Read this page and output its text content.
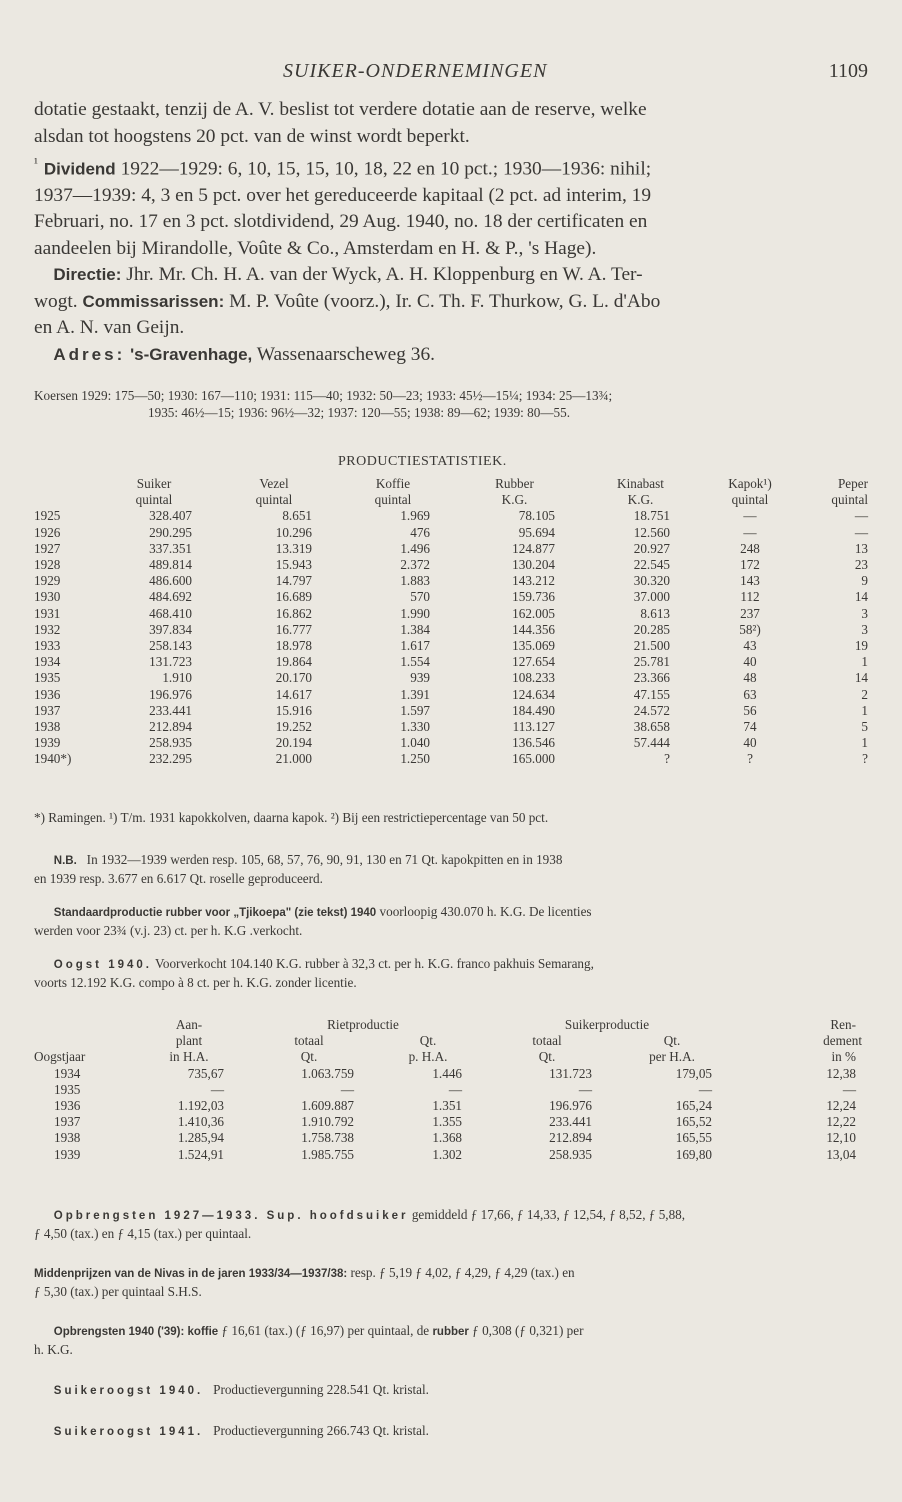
SUIKER-ONDERNEMINGEN	1109

dotatie gestaakt, tenzij de A. V. beslist tot verdere dotatie aan de reserve, welke

alsdan tot hoogstens 20 pct. van de winst wordt beperkt.

$^{^1}$ Dividend 1922—1929: 6, 10, 15, 15, 10, 18, 22 en 10 pct.; 1930—1936: nihil;

1937—1939: 4, 3 en 5 pct. over het gereduceerde kapitaal (2 pct. ad interim, 19

Februari, no. 17 en 3 pct. slotdividend, 29 Aug. 1940, no. 18 der certificaten en

aandeelen bij Mirandolle, Voûte & Co., Amsterdam en H. & P., 's Hage).

Directie: Jhr. Mr. Ch. H. A. van der Wyck, A. H. Kloppenburg en W. A. Ter-

wogt. Commissarissen: M. P. Voûte (voorz.), Ir. C. Th. F. Thurkow, G. L. d'Abo

en A. N. van Geijn.

Adres: 's-Gravenhage, Wassenaarscheweg 36.

Koersen 1929: 175—50; 1930: 167—110; 1931: 115—40; 1932: 50—23; 1933: 45½—15¼; 1934: 25—13¾;
1935: 46½—15; 1936: 96½—32; 1937: 120—55; 1938: 89—62; 1939: 80—55.
PRODUCTIESTATISTIEK.
	Suiker	Vezel	Koffie	Rubber	Kinabast	Kapok¹)	Peper
	quintal	quintal	quintal	K.G.	K.G.	quintal	quintal
1925	328.407	8.651	1.969	78.105	18.751	—	—
1926	290.295	10.296	476	95.694	12.560	—	—
1927	337.351	13.319	1.496	124.877	20.927	248	13
1928	489.814	15.943	2.372	130.204	22.545	172	23
1929	486.600	14.797	1.883	143.212	30.320	143	9
1930	484.692	16.689	570	159.736	37.000	112	14
1931	468.410	16.862	1.990	162.005	8.613	237	3
1932	397.834	16.777	1.384	144.356	20.285	58²)	3
1933	258.143	18.978	1.617	135.069	21.500	43	19
1934	131.723	19.864	1.554	127.654	25.781	40	1
1935	1.910	20.170	939	108.233	23.366	48	14
1936	196.976	14.617	1.391	124.634	47.155	63	2
1937	233.441	15.916	1.597	184.490	24.572	56	1
1938	212.894	19.252	1.330	113.127	38.658	74	5
1939	258.935	20.194	1.040	136.546	57.444	40	1
1940*)	232.295	21.000	1.250	165.000	?	?	?
*) Ramingen. ¹) T/m. 1931 kapokkolven, daarna kapok. ²) Bij een restrictiepercentage van 50 pct.
N.B. In 1932—1939 werden resp. 105, 68, 57, 76, 90, 91, 130 en 71 Qt. kapokpitten en in 1938
en 1939 resp. 3.677 en 6.617 Qt. roselle geproduceerd.
Standaardproductie rubber voor „Tjikoepa" (zie tekst) 1940 voorloopig 430.070 h. K.G. De licenties
werden voor 23¾ (v.j. 23) ct. per h. K.G .verkocht.
Oogst 1940. Voorverkocht 104.140 K.G. rubber à 32,3 ct. per h. K.G. franco pakhuis Semarang,
voorts 12.192 K.G. compo à 8 ct. per h. K.G. zonder licentie.
	Aan-	Rietproductie		Suikerproductie		Ren-
	plant	totaal	Qt.	totaal	Qt.	dement
Oogstjaar	in H.A.	Qt.	p. H.A.	Qt.	per H.A.	in %
1934	735,67	1.063.759	1.446	131.723	179,05	12,38
1935	—	—	—	—	—	—
1936	1.192,03	1.609.887	1.351	196.976	165,24	12,24
1937	1.410,36	1.910.792	1.355	233.441	165,52	12,22
1938	1.285,94	1.758.738	1.368	212.894	165,55	12,10
1939	1.524,91	1.985.755	1.302	258.935	169,80	13,04
Opbrengsten 1927—1933. Sup. hoofdsuiker gemiddeld ƒ 17,66, ƒ 14,33, ƒ 12,54, ƒ 8,52, ƒ 5,88,
ƒ 4,50 (tax.) en ƒ 4,15 (tax.) per quintaal.
Middenprijzen van de Nivas in de jaren 1933/34—1937/38: resp. ƒ 5,19 ƒ 4,02, ƒ 4,29, ƒ 4,29 (tax.) en
ƒ 5,30 (tax.) per quintaal S.H.S.
Opbrengsten 1940 ('39): koffie ƒ 16,61 (tax.) (ƒ 16,97) per quintaal, de rubber ƒ 0,308 (ƒ 0,321) per
h. K.G.
Suikeroogst 1940. Productievergunning 228.541 Qt. kristal.
Suikeroogst 1941. Productievergunning 266.743 Qt. kristal.
